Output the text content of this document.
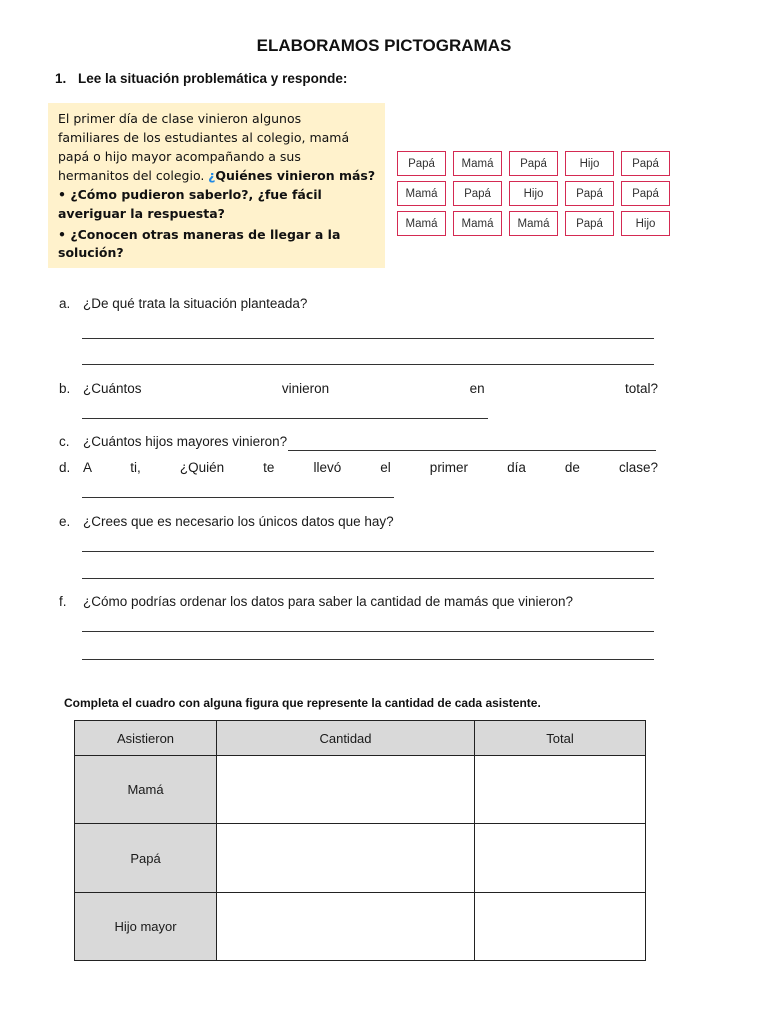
ELABORAMOS PICTOGRAMAS
1. Lee la situación problemática y responde:
El primer día de clase vinieron algunos
familiares de los estudiantes al colegio, mamá
papá o hijo mayor acompañando a sus
hermanitos del colegio. ¿Quiénes vinieron más?
• ¿Cómo pudieron saberlo?, ¿fue fácil
averiguar la respuesta?
• ¿Conocen otras maneras de llegar a la
solución?
Papá	Mamá	Papá	Hijo	Papá
Mamá	Papá	Hijo	Papá	Papá
Mamá	Mamá	Mamá	Papá	Hijo
a. ¿De qué trata la situación planteada?
b. ¿Cuántos vinieron en total?
c. ¿Cuántos hijos mayores vinieron?
d. A ti, ¿Quién te llevó el primer día de clase?
e. ¿Crees que es necesario los únicos datos que hay?
f. ¿Cómo podrías ordenar los datos para saber la cantidad de mamás que vinieron?
Completa el cuadro con alguna figura que represente la cantidad de cada asistente.
Asistieron	Cantidad	Total
Mamá		
Papá		
Hijo mayor		
